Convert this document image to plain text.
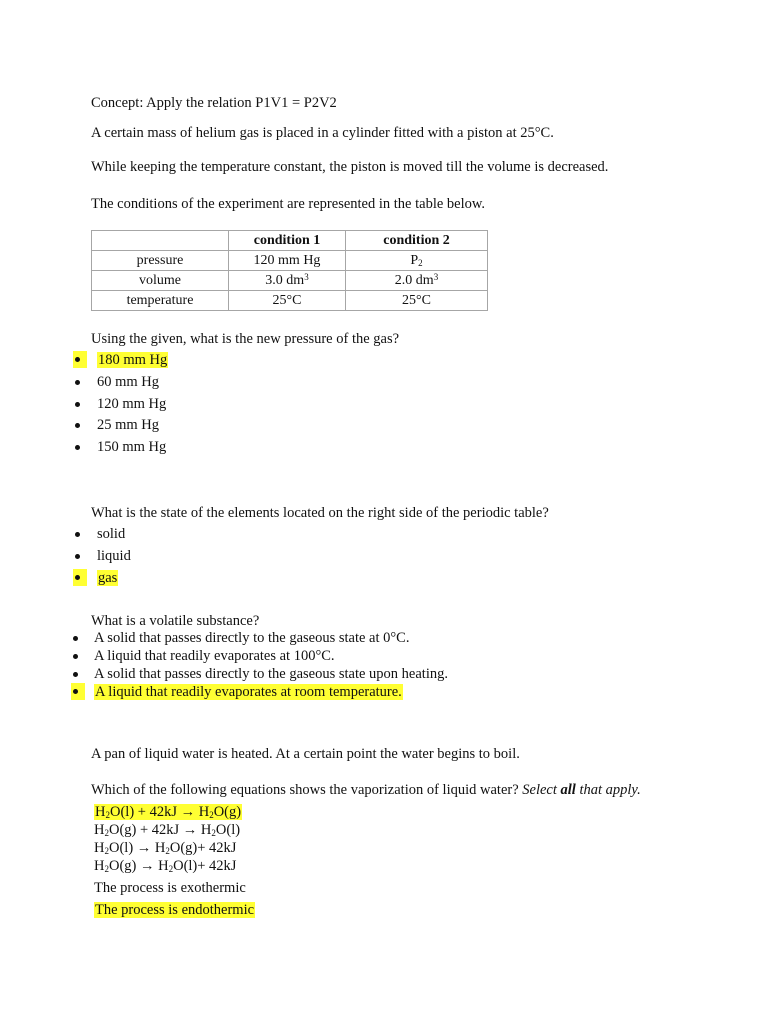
Concept: Apply the relation P1V1 = P2V2
A certain mass of helium gas is placed in a cylinder fitted with a piston at 25°C.
While keeping the temperature constant, the piston is moved till the volume is decreased.
The conditions of the experiment are represented in the table below.
	condition 1	condition 2
pressure	120 mm Hg	$P_2$
volume	3.0 $dm^3$	2.0 $dm^3$
temperature	25°C	25°C
Using the given, what is the new pressure of the gas?
180 mm Hg
60 mm Hg
120 mm Hg
25 mm Hg
150 mm Hg
What is the state of the elements located on the right side of the periodic table?
solid
liquid
gas
What is a volatile substance?
A solid that passes directly to the gaseous state at 0°C.
A liquid that readily evaporates at 100°C.
A solid that passes directly to the gaseous state upon heating.
A liquid that readily evaporates at room temperature.
A pan of liquid water is heated. At a certain point the water begins to boil.
Which of the following equations shows the vaporization of liquid water? Select all that apply.
$H_2O(l) + 42kJ \to H_2O(g)$
$H_2O(g) + 42kJ \to H_2O(l)$
$H_2O(l) \to H_2O(g)+ 42kJ$
$H_2O(g) \to H_2O(l)+ 42kJ$
The process is exothermic
The process is endothermic
